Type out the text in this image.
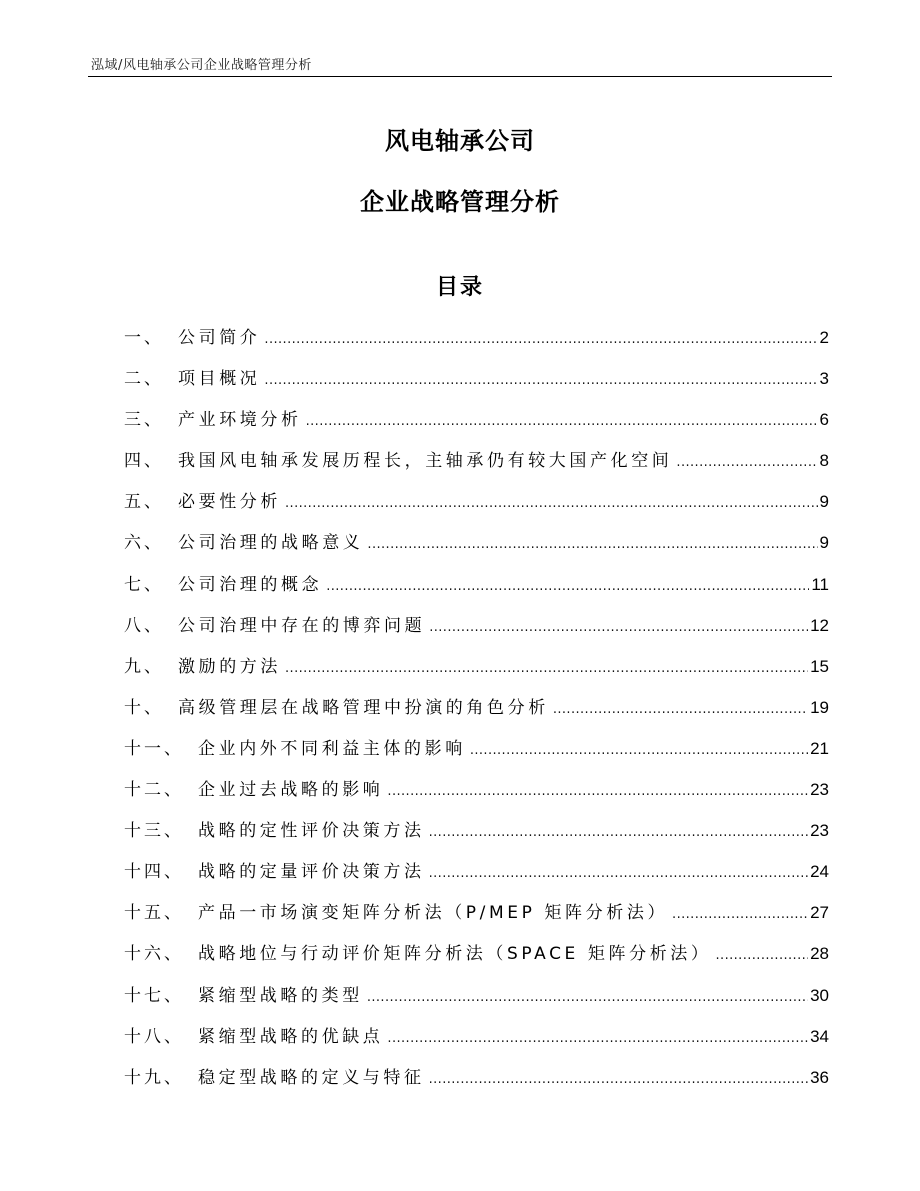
泓域/风电轴承公司企业战略管理分析
风电轴承公司
企业战略管理分析
目录
一、 公司简介 .....	2
二、 项目概况 .....	3
三、 产业环境分析 .....	6
四、 我国风电轴承发展历程长，主轴承仍有较大国产化空间 .....	8
五、 必要性分析 .....	9
六、 公司治理的战略意义 .....	9
七、 公司治理的概念 .....	11
八、 公司治理中存在的博弈问题 .....	12
九、 激励的方法 .....	15
十、 高级管理层在战略管理中扮演的角色分析 .....	19
十一、 企业内外不同利益主体的影响 .....	21
十二、 企业过去战略的影响 .....	23
十三、 战略的定性评价决策方法 .....	23
十四、 战略的定量评价决策方法 .....	24
十五、 产品一市场演变矩阵分析法（P/MEP 矩阵分析法） .....	27
十六、 战略地位与行动评价矩阵分析法（SPACE 矩阵分析法） .....	28
十七、 紧缩型战略的类型 .....	30
十八、 紧缩型战略的优缺点 .....	34
十九、 稳定型战略的定义与特征 .....	36
